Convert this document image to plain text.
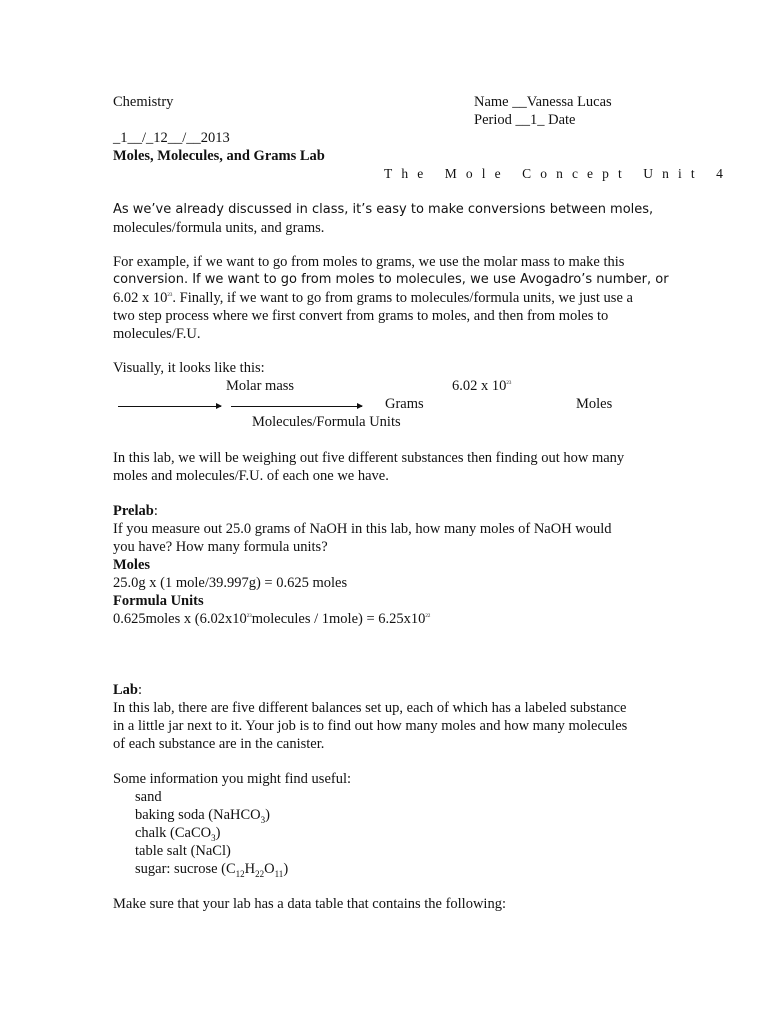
Chemistry	Name __Vanessa Lucas
Period __1_ Date
_1__/_12__/__2013
Moles, Molecules, and Grams Lab
The Mole Concept Unit 4
As we’ve already discussed in class, it’s easy to make conversions between moles,
molecules/formula units, and grams.
For example, if we want to go from moles to grams, we use the molar mass to make this
conversion. If we want to go from moles to molecules, we use Avogadro’s number, or
6.02 x $10^{23}$. Finally, if we want to go from grams to molecules/formula units, we just use a
two step process where we first convert from grams to moles, and then from moles to
molecules/F.U.
Visually, it looks like this:
Molar mass	6.02 x $10^{23}$
Grams	Moles
Molecules/Formula Units
In this lab, we will be weighing out five different substances then finding out how many
moles and molecules/F.U. of each one we have.
Prelab:
If you measure out 25.0 grams of NaOH in this lab, how many moles of NaOH would
you have? How many formula units?
Moles
25.0g x (1 mole/39.997g) = 0.625 moles
Formula Units
0.625moles x ($6.02x10^{23}molecules$ / 1mole) = $6.25x10^{22}$
Lab:
In this lab, there are five different balances set up, each of which has a labeled substance
in a little jar next to it. Your job is to find out how many moles and how many molecules
of each substance are in the canister.
Some information you might find useful:
sand
baking soda (NaHCO$_3$)
chalk (CaCO$_3$)
table salt (NaCl)
sugar: sucrose $(C_{12}H_{22}O_{11})$
Make sure that your lab has a data table that contains the following:
